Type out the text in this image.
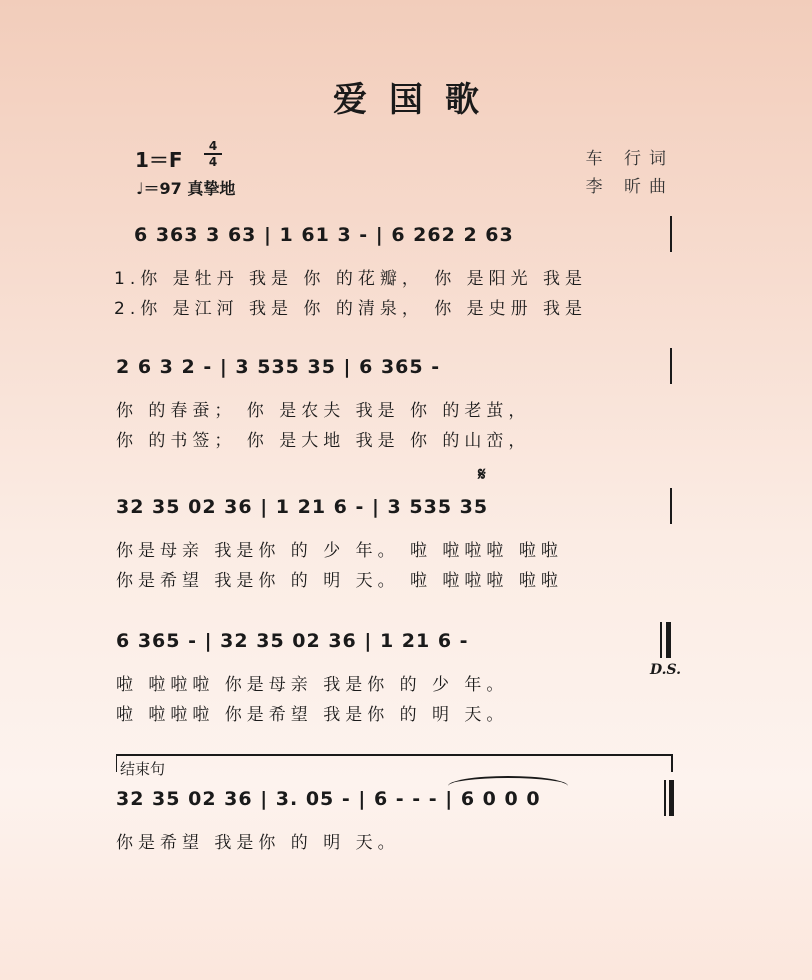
爱国歌
1＝F
4
4
♩＝97 真挚地
车 行词
李 昕曲
6 363 3 63 | 1 61 3 - | 6 262 2 63
1.你 是牡丹 我是 你 的花瓣， 你 是阳光 我是
2.你 是江河 我是 你 的清泉， 你 是史册 我是
2 6 3 2 - | 3 535 35 | 6 365 -
你 的春蚕； 你 是农夫 我是 你 的老茧，
你 的书签； 你 是大地 我是 你 的山峦，
𝄋
32 35 02 36 | 1 21 6 - | 3 535 35
你是母亲 我是你 的 少 年。 啦 啦啦啦 啦啦
你是希望 我是你 的 明 天。 啦 啦啦啦 啦啦
6 365 - | 32 35 02 36 | 1 21 6 -
啦 啦啦啦 你是母亲 我是你 的 少 年。
啦 啦啦啦 你是希望 我是你 的 明 天。
D.S.
结束句
32 35 02 36 | 3. 05 - | 6 - - - | 6 0 0 0
你是希望 我是你 的 明 天。
